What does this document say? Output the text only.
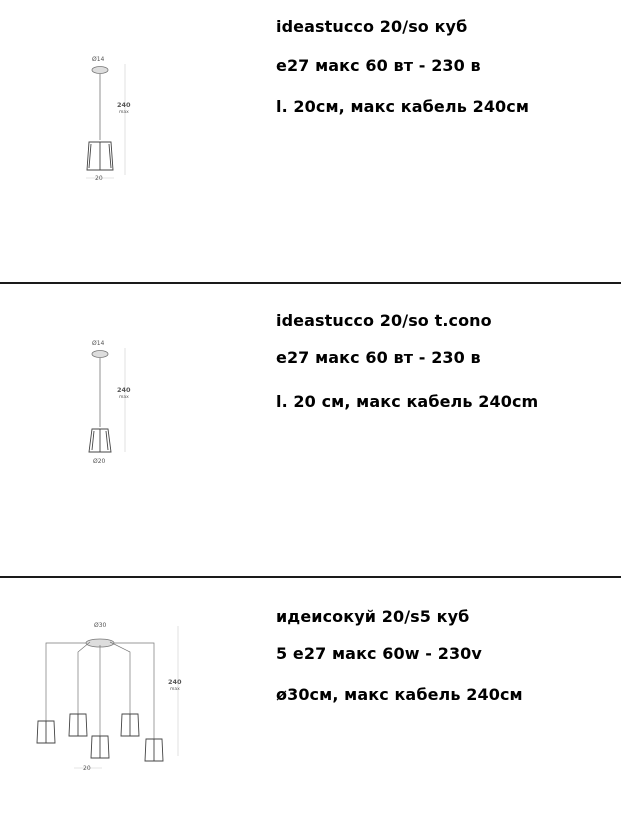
Ø14
240
max
20

ideastucco 20/so куб

e27 макс 60 вт - 230 в

l. 20см, макс кабель 240см

Ø14
240
max
Ø20

ideastucco 20/so t.cono

e27 макс 60 вт - 230 в

l. 20 см, макс кабель 240cm

Ø30
240
max
20

идеисокуй 20/s5 куб

5 e27 макс 60w - 230v

ø30см, макс кабель 240см
